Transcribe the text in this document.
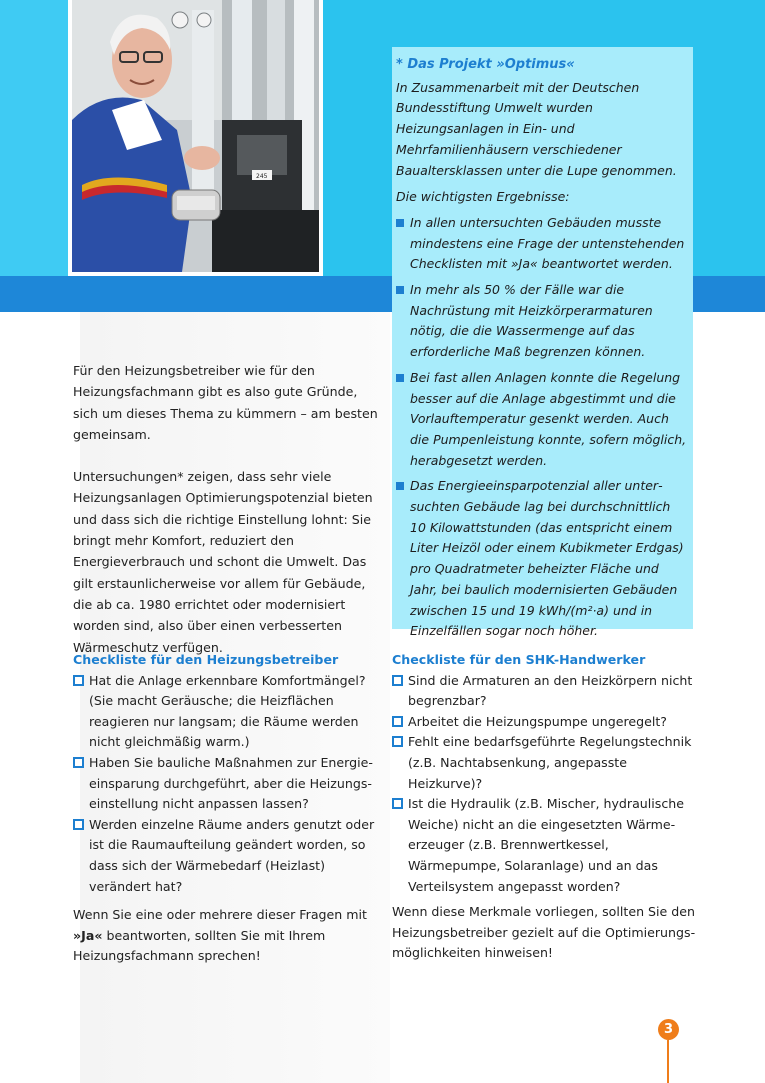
245
* Das Projekt »Optimus«

In Zusammenarbeit mit der Deutschen Bundesstiftung Umwelt wurden Heizungsanlagen in Ein- und Mehrfamilienhäusern verschiedener Baualtersklassen unter die Lupe genommen.

Die wichtigsten Ergebnisse:

In allen untersuchten Gebäuden musste mindestens eine Frage der untenstehenden Checklisten mit »Ja« beantwortet werden.
In mehr als 50 % der Fälle war die Nachrüstung mit Heizkörperarmaturen nötig, die die Wassermenge auf das erforderliche Maß begrenzen können.
Bei fast allen Anlagen konnte die Regelung besser auf die Anlage abgestimmt und die Vorlauftemperatur gesenkt werden. Auch die Pumpenleistung konnte, sofern möglich, herabgesetzt werden.
Das Energieeinsparpotenzial aller untersuchten Gebäude lag bei durchschnittlich 10 Kilowattstunden (das entspricht einem Liter Heizöl oder einem Kubikmeter Erdgas) pro Quadratmeter beheizter Fläche und Jahr, bei baulich modernisierten Gebäuden zwischen 15 und 19 kWh/(m²·a) und in Einzelfällen sogar noch höher.

Für den Heizungsbetreiber wie für den Heizungsfachmann gibt es also gute Gründe, sich um dieses Thema zu kümmern – am besten gemeinsam.

Untersuchungen* zeigen, dass sehr viele Heizungsanlagen Optimierungspotenzial bieten und dass sich die richtige Einstellung lohnt: Sie bringt mehr Komfort, reduziert den Energieverbrauch und schont die Umwelt. Das gilt erstaunlicherweise vor allem für Gebäude, die ab ca. 1980 errichtet oder modernisiert worden sind, also über einen verbesserten Wärmeschutz verfügen.

Checkliste für den Heizungsbetreiber
Hat die Anlage erkennbare Komfortmängel? (Sie macht Geräusche; die Heizflächen reagieren nur langsam; die Räume werden nicht gleichmäßig warm.)
Haben Sie bauliche Maßnahmen zur Energieeinsparung durchgeführt, aber die Heizungseinstellung nicht anpassen lassen?
Werden einzelne Räume anders genutzt oder ist die Raumaufteilung geändert worden, so dass sich der Wärmebedarf (Heizlast) verändert hat?

Wenn Sie eine oder mehrere dieser Fragen mit »Ja« beantworten, sollten Sie mit Ihrem Heizungsfachmann sprechen!

Checkliste für den SHK-Handwerker
Sind die Armaturen an den Heizkörpern nicht begrenzbar?
Arbeitet die Heizungspumpe ungeregelt?
Fehlt eine bedarfsgeführte Regelungstechnik (z.B. Nachtabsenkung, angepasste Heizkurve)?
Ist die Hydraulik (z.B. Mischer, hydraulische Weiche) nicht an die eingesetzten Wärmeerzeuger (z.B. Brennwertkessel, Wärmepumpe, Solaranlage) und an das Verteilsystem angepasst worden?

Wenn diese Merkmale vorliegen, sollten Sie den Heizungsbetreiber gezielt auf die Optimierungsmöglichkeiten hinweisen!

3
